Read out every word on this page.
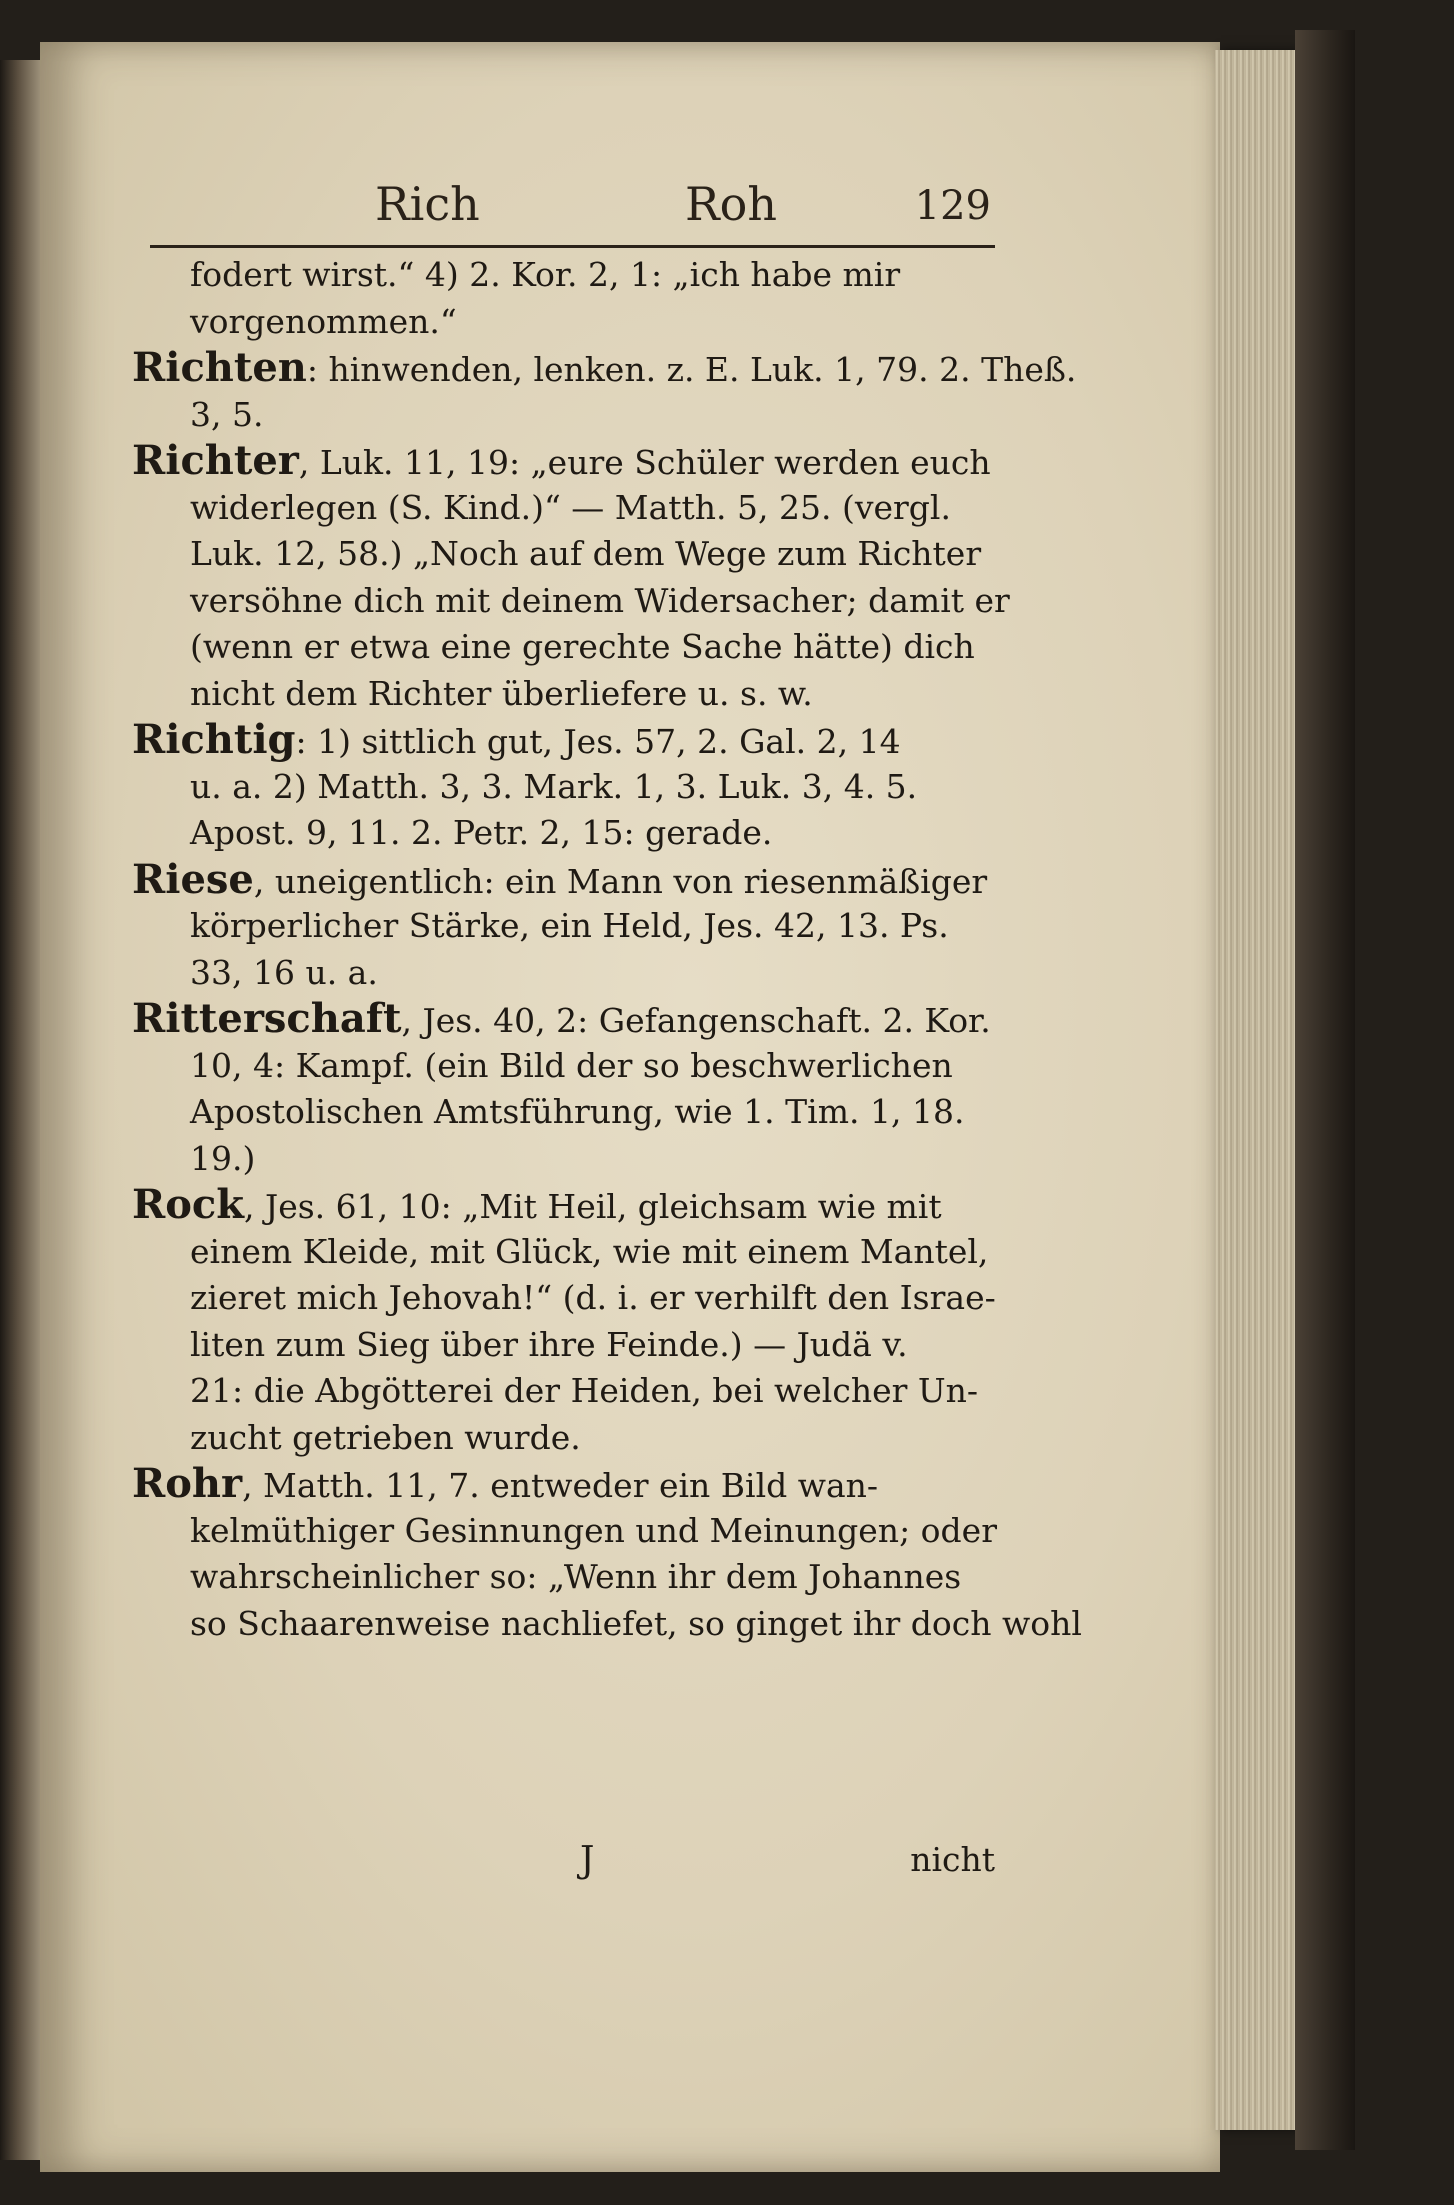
Rich	Roh	129
fodert wirst.“ 4) 2. Kor. 2, 1: „ich habe mir
vorgenommen.“
Richten: hinwenden, lenken. z. E. Luk. 1, 79. 2. Theß.
3, 5.
Richter, Luk. 11, 19: „eure Schüler werden euch
widerlegen (S. Kind.)“ — Matth. 5, 25. (vergl.
Luk. 12, 58.) „Noch auf dem Wege zum Richter
versöhne dich mit deinem Widersacher; damit er
(wenn er etwa eine gerechte Sache hätte) dich
nicht dem Richter überliefere u. s. w.
Richtig: 1) sittlich gut, Jes. 57, 2. Gal. 2, 14
u. a. 2) Matth. 3, 3. Mark. 1, 3. Luk. 3, 4. 5.
Apost. 9, 11. 2. Petr. 2, 15: gerade.
Riese, uneigentlich: ein Mann von riesenmäßiger
körperlicher Stärke, ein Held, Jes. 42, 13. Ps.
33, 16 u. a.
Ritterschaft, Jes. 40, 2: Gefangenschaft. 2. Kor.
10, 4: Kampf. (ein Bild der so beschwerlichen
Apostolischen Amtsführung, wie 1. Tim. 1, 18.
19.)
Rock, Jes. 61, 10: „Mit Heil, gleichsam wie mit
einem Kleide, mit Glück, wie mit einem Mantel,
zieret mich Jehovah!“ (d. i. er verhilft den Israe-
liten zum Sieg über ihre Feinde.) — Judä v.
21: die Abgötterei der Heiden, bei welcher Un-
zucht getrieben wurde.
Rohr, Matth. 11, 7. entweder ein Bild wan-
kelmüthiger Gesinnungen und Meinungen; oder
wahrscheinlicher so: „Wenn ihr dem Johannes
so Schaarenweise nachliefet, so ginget ihr doch wohl
J	nicht
